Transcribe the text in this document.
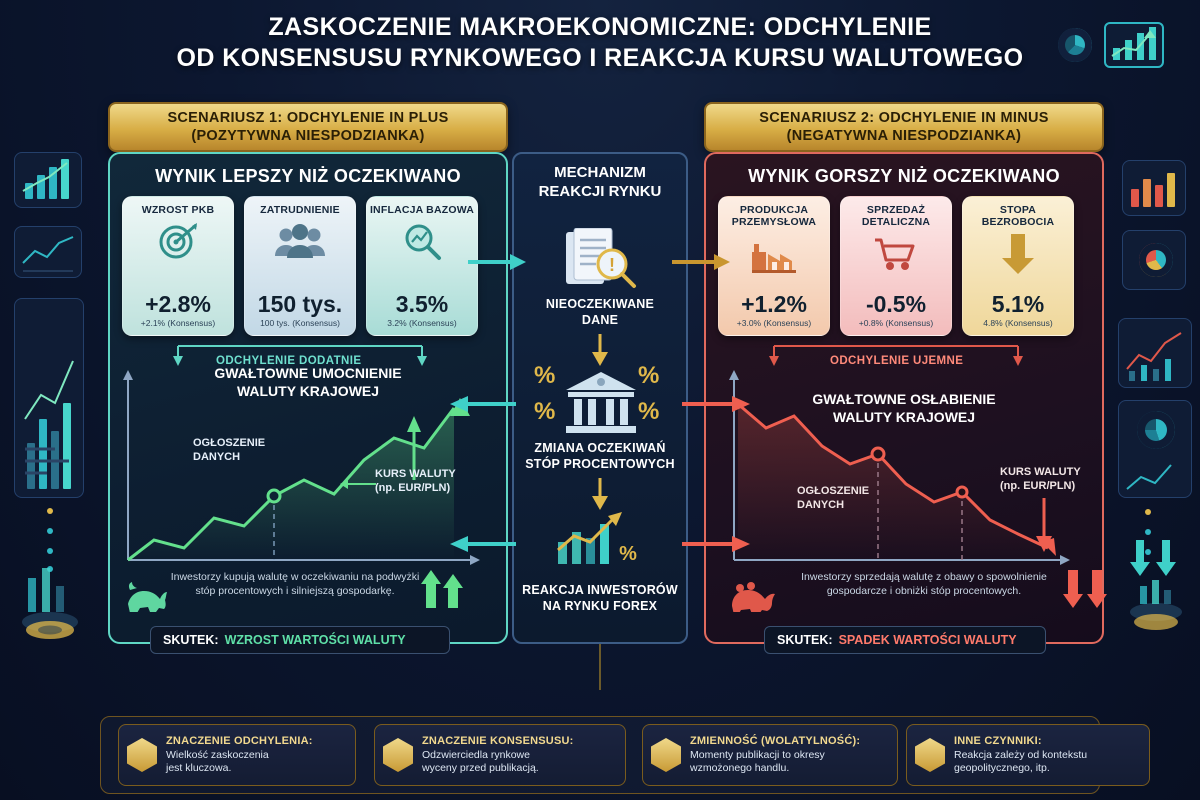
ZASKOCZENIE MAKROEKONOMICZNE: ODCHYLENIE
OD KONSENSUSU RYNKOWEGO I REAKCJA KURSU WALUTOWEGO
SCENARIUSZ 1: ODCHYLENIE IN PLUS
(POZYTYWNA NIESPODZIANKA)
SCENARIUSZ 2: ODCHYLENIE IN MINUS
(NEGATYWNA NIESPODZIANKA)
WYNIK LEPSZY NIŻ OCZEKIWANO
WZROST PKB
+2.8%
+2.1% (Konsensus)
ZATRUDNIENIE
150 tys.
100 tys. (Konsensus)
INFLACJA BAZOWA
3.5%
3.2% (Konsensus)
ODCHYLENIE DODATNIE
GWAŁTOWNE UMOCNIENIE
WALUTY KRAJOWEJ
OGŁOSZENIE
DANYCH
KURS WALUTY
(np. EUR/PLN)
Inwestorzy kupują walutę w oczekiwaniu na podwyżki stóp procentowych i silniejszą gospodarkę.
SKUTEK: WZROST WARTOŚCI WALUTY
WYNIK GORSZY NIŻ OCZEKIWANO
PRODUKCJA PRZEMYSŁOWA
+1.2%
+3.0% (Konsensus)
SPRZEDAŻ DETALICZNA
-0.5%
+0.8% (Konsensus)
STOPA BEZROBOCIA
5.1%
4.8% (Konsensus)
ODCHYLENIE UJEMNE
GWAŁTOWNE OSŁABIENIE
WALUTY KRAJOWEJ
OGŁOSZENIE
DANYCH
KURS WALUTY
(np. EUR/PLN)
Inwestorzy sprzedają walutę z obawy o spowolnienie gospodarcze i obniżki stóp procentowych.
SKUTEK: SPADEK WARTOŚCI WALUTY
MECHANIZM
REAKCJI RYNKU
!
NIEOCZEKIWANE
DANE
%	%
%	%
ZMIANA OCZEKIWAŃ
STÓP PROCENTOWYCH
%
REAKCJA INWESTORÓW
NA RYNKU FOREX
ZNACZENIE ODCHYLENIA:
Wielkość zaskoczenia
jest kluczowa.
ZNACZENIE KONSENSUSU:
Odzwierciedla rynkowe
wyceny przed publikacją.
ZMIENNOŚĆ (WOLATYLNOŚĆ):
Momenty publikacji to okresy
wzmożonego handlu.
INNE CZYNNIKI:
Reakcja zależy od kontekstu
geopolitycznego, itp.
